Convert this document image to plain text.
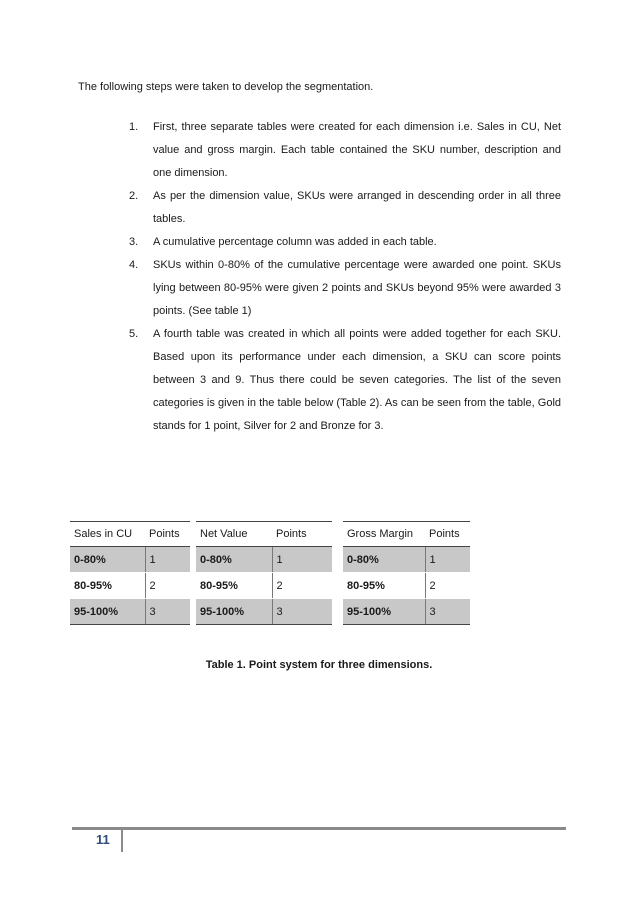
The following steps were taken to develop the segmentation.
1. First, three separate tables were created for each dimension i.e. Sales in CU, Net value and gross margin. Each table contained the SKU number, description and one dimension.
2. As per the dimension value, SKUs were arranged in descending order in all three tables.
3. A cumulative percentage column was added in each table.
4. SKUs within 0-80% of the cumulative percentage were awarded one point. SKUs lying between 80-95% were given 2 points and SKUs beyond 95% were awarded 3 points. (See table 1)
5. A fourth table was created in which all points were added together for each SKU. Based upon its performance under each dimension, a SKU can score points between 3 and 9. Thus there could be seven categories. The list of the seven categories is given in the table below (Table 2). As can be seen from the table, Gold stands for 1 point, Silver for 2 and Bronze for 3.
Sales in CU	Points
0-80%	1
80-95%	2
95-100%	3
Net Value	Points
0-80%	1
80-95%	2
95-100%	3
Gross Margin	Points
0-80%	1
80-95%	2
95-100%	3
Table 1. Point system for three dimensions.
11
